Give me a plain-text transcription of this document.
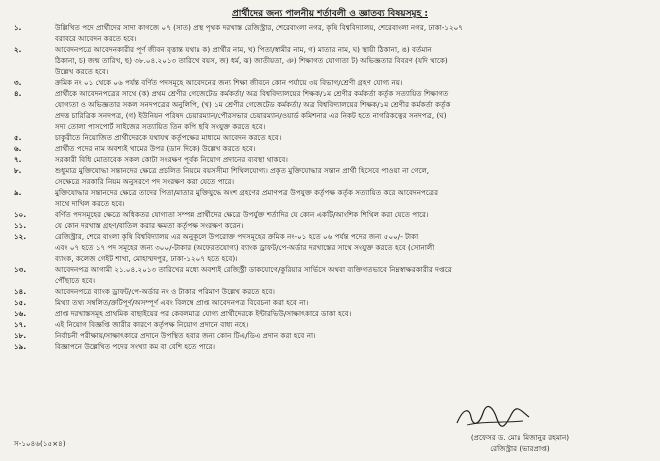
প্রার্থীদের জন্য পালনীয় শর্তাবলী ও জ্ঞাতব্য বিষয়সমূহ :
১.	উল্লিখিত পদে প্রার্থীদের সাদা কাগজে ০৭ (সাত) প্রস্থ পৃথক দরখাস্ত রেজিস্ট্রার, শেরেবাংলা নগর, কৃষি বিশ্ববিদ্যালয়, শেরেবাংলা নগর, ঢাকা-১২০৭
বরাবরে আবেদন করতে হবে।
২.	আবেদনপত্রে আবেদনকারীর পূর্ণ জীবন বৃত্তান্ত যথাঃ ক) প্রার্থীর নাম, খ) পিতা/স্বামীর নাম, গ) মাতার নাম, ঘ) স্থায়ী ঠিকানা, ঙ) বর্তমান
ঠিকানা, চ) জন্ম তারিখ, ছ) ৩৮.০৪.২০১৩ তারিখে বয়স, জ) ধর্ম, ঝ) জাতীয়তা, ঞ) শিক্ষাগত যোগ্যতা ট) অভিজ্ঞতার বিবরণ (যদি থাকে)
উল্লেখ করতে হবে।
৩.	ক্রমিক নং ০১ থেকে ০৬ পর্যন্ত বর্ণিত পদসমূহে আবেদনের জন্য শিক্ষা জীবনে কোন পর্যায়ে ৩য় বিভাগ/শ্রেণী গ্রহণ যোগ্য নয়।
৪.	প্রার্থীকে আবেদনপত্রের সাথে (ক) প্রথম শ্রেণীর গেজেটেড কর্মকর্তা/ অত্র বিশ্ববিদ্যালয়ের শিক্ষক/১ম শ্রেণীর কর্মকর্তা কর্তৃক সত্যায়িত শিক্ষাগত
যোগ্যতা ও অভিজ্ঞতার সকল সনদপত্রের অনুলিপি, (খ) ১ম শ্রেণীর গেজেটেড কর্মকর্তা/ অত্র বিশ্ববিদ্যালয়ের শিক্ষক/১ম শ্রেণীর কর্মকর্তা কর্তৃক
প্রদত্ত চারিত্রিক সনদপত্র, (গ) ইউনিয়ন পরিষদ চেয়ারম্যান/পৌরসভার চেয়ারম্যান/ওয়ার্ড কমিশনার এর নিকট হতে নাগরিকত্বের সনদপত্র, (ঘ)
সদ্য তোলা পাসপোর্ট সাইজের সত্যায়িত তিন কপি ছবি সংযুক্ত করতে হবে।
৫.	চাকুরীতে নিয়োজিত প্রার্থীদেরকে যথাযথ কর্তৃপক্ষের মাধ্যমে আবেদন করতে হবে।
৬.	প্রার্থীত পদের নাম অবশ্যই খামের উপর (ডান দিকে) উল্লেখ করতে হবে।
৭.	সরকারী বিধি মোতাবেক সকল কোটা সংরক্ষণ পূর্বক নিয়োগ প্রদানের ব্যবস্থা থাকবে।
৮.	শুধুমাত্র মুক্তিযোদ্ধা সন্তানদের ক্ষেত্রে প্রচলিত নিয়মে বয়সসীমা শিথিলযোগ্য। প্রকৃত মুক্তিযোদ্ধার সন্তান প্রার্থী হিসেবে পাওয়া না গেলে,
সেক্ষেত্রে সরকারি নিয়ম অনুসরণে পদ সংরক্ষণ করা যেতে পারে।
৯.	মুক্তিযোদ্ধার সন্তানদের ক্ষেত্রে তাদের পিতা/মাতার মুক্তিযুদ্ধে অংশ গ্রহণের প্রমাণপত্র উপযুক্ত কর্তৃপক্ষ কর্তৃক সত্যায়িত করে আবেদনপত্রের
সাথে দাখিল করতে হবে।
১০.	বর্ণিত পদসমূহের ক্ষেত্রে অধিকতর যোগ্যতা সম্পন্ন প্রার্থীদের ক্ষেত্রে উপর্যুক্ত শর্তাদির যে কোন একটি/আংশিক শিথিল করা যেতে পারে।
১১.	যে কোন দরখাস্ত গ্রহণ/বাতিল করার ক্ষমতা কর্তৃপক্ষ সংরক্ষণ করেন।
১২.	রেজিস্ট্রার, শেরে বাংলা কৃষি বিশ্ববিদ্যালয় এর অনুকূলে উপরোক্ত পদসমূহের ক্রমিক নং-০১ হতে ০৬ পর্যন্ত পদের জন্য ৫০০/- টাকা
এবং ০৭ হতে ১৭ পদ সমূহের জন্য ৩০০/-টাকার (অফেরতযোগ্য) ব্যাংক ড্রাফট/পে-অর্ডার দরখাস্তের সাথে সংযুক্ত করতে হবে (সোনালী
ব্যাংক, কলেজ গেইট শাখা, মোহাম্মদপুর, ঢাকা-১২০৭ হতে হবে)।
১৩.	আবেদনপত্র আগামী ২১.০৪.২০১৩ তারিখের মধ্যে অবশ্যই রেজিস্ট্রী ডাকযোগে/কুরিয়ার সার্ভিসে অথবা ব্যক্তিগতভাবে নিম্নস্বাক্ষরকারীর দপ্তরে
পৌঁছাতে হবে।
১৪.	আবেদনপত্রে ব্যাংক ড্রাফট/পে-অর্ডার নং ও টাকার পরিমাণ উল্লেখ করতে হবে।
১৫.	মিথ্যা তথ্য সম্বলিত/ক্রটিপূর্ণ/অসম্পূর্ণ এবং বিলম্বে প্রাপ্ত আবেদনপত্র বিবেচনা করা হবে না।
১৬.	প্রাপ্ত দরখাস্তসমূহ প্রাথমিক বাছাইয়ের পর কেবলমাত্র যোগ্য প্রার্থীদেরকে ইন্টারভিউ/সাক্ষাৎকারে ডাকা হবে।
১৭.	এই নিয়োগ বিজ্ঞপ্তি জারীর কারণে কর্তৃপক্ষ নিয়োগ প্রদানে বাধ্য নহে।
১৮.	নির্বাচনী পরীক্ষায়/সাক্ষাৎকারে প্রদানে উপস্থিত হবার জন্য কোন টিএ/ডিএ প্রদান করা হবে না।
১৯.	বিজ্ঞাপনে উল্লেখিত পদের সংখ্যা কম বা বেশি হতে পারে।
(প্রফেসর ড. মোঃ মিজানুর রহমান)
রেজিস্ট্রার (ভারপ্রাপ্ত)
স-১০৪৬(১৫×৪)
